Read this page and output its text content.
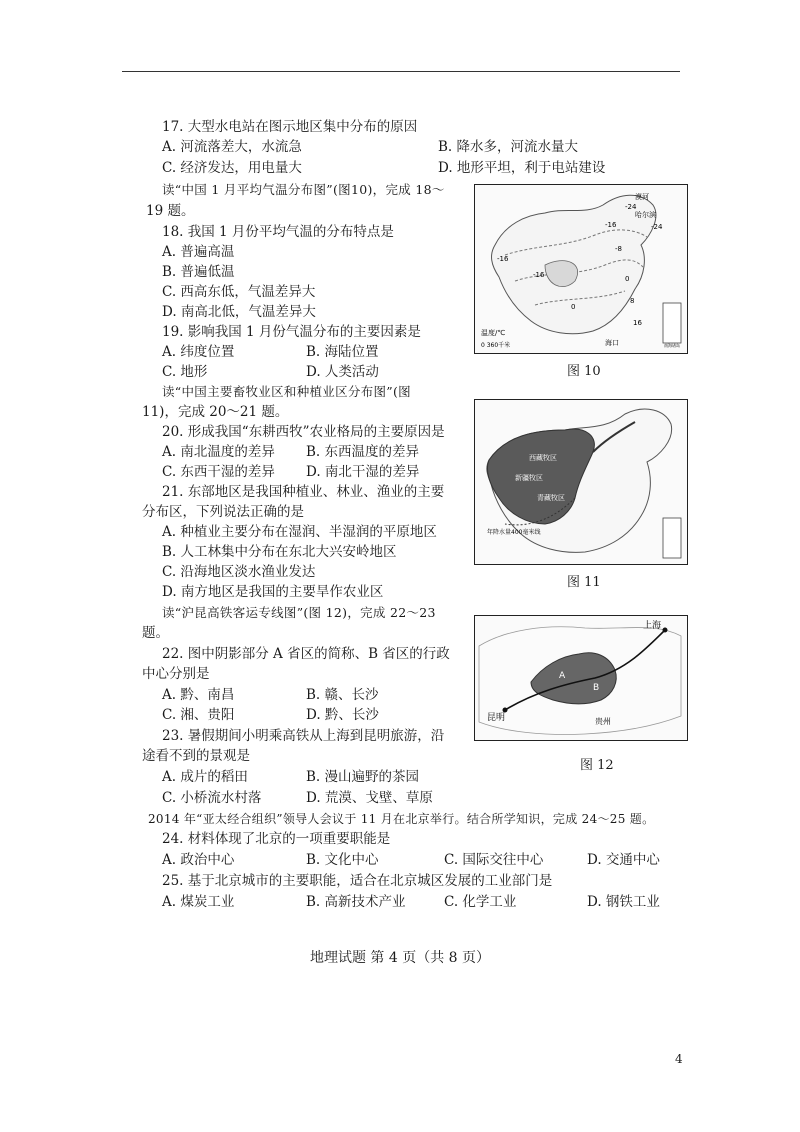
17. 大型水电站在图示地区集中分布的原因
A. 河流落差大，水流急	B. 降水多，河流水量大
C. 经济发达，用电量大	D. 地形平坦，利于电站建设
读“中国 1 月平均气温分布图”(图10)，完成 18～
19 题。
18. 我国 1 月份平均气温的分布特点是
A. 普遍高温
B. 普遍低温
C. 西高东低，气温差异大
D. 南高北低，气温差异大
19. 影响我国 1 月份气温分布的主要因素是
A. 纬度位置	B. 海陆位置
C. 地形	D. 人类活动
读“中国主要畜牧业区和种植业区分布图”(图
11)，完成 20～21 题。
20. 形成我国“东耕西牧”农业格局的主要原因是
A. 南北温度的差异 B. 东西温度的差异
C. 东西干湿的差异 D. 南北干湿的差异
21. 东部地区是我国种植业、林业、渔业的主要
分布区，下列说法正确的是
A. 种植业主要分布在湿润、半湿润的平原地区
B. 人工林集中分布在东北大兴安岭地区
C. 沿海地区淡水渔业发达
D. 南方地区是我国的主要旱作农业区
读“沪昆高铁客运专线图”(图 12)，完成 22～23
题。
22. 图中阴影部分 A 省区的简称、B 省区的行政
中心分别是
A. 黔、南昌	B. 赣、长沙
C. 湘、贵阳	D. 黔、长沙
23. 暑假期间小明乘高铁从上海到昆明旅游，沿
途看不到的景观是
A. 成片的稻田	B. 漫山遍野的茶园
C. 小桥流水村落	D. 荒漠、戈壁、草原
2014 年“亚太经合组织”领导人会议于 11 月在北京举行。结合所学知识，完成 24～25 题。
24. 材料体现了北京的一项重要职能是
A. 政治中心	B. 文化中心	C. 国际交往中心	D. 交通中心
25. 基于北京城市的主要职能，适合在北京城区发展的工业部门是
A. 煤炭工业	B. 高新技术产业	C. 化学工业	D. 钢铁工业
漠河
哈尔滨
海口	南海诸岛
-24
-16
-16
-16
-8
0
8
16
-24
0
温度/℃
0 360千米
图 10
西藏牧区
新疆牧区
青藏牧区
年降水量400毫米线
图 11
上海
昆明	贵州
A
B
图 12
地理试题 第 4 页（共 8 页）
4
